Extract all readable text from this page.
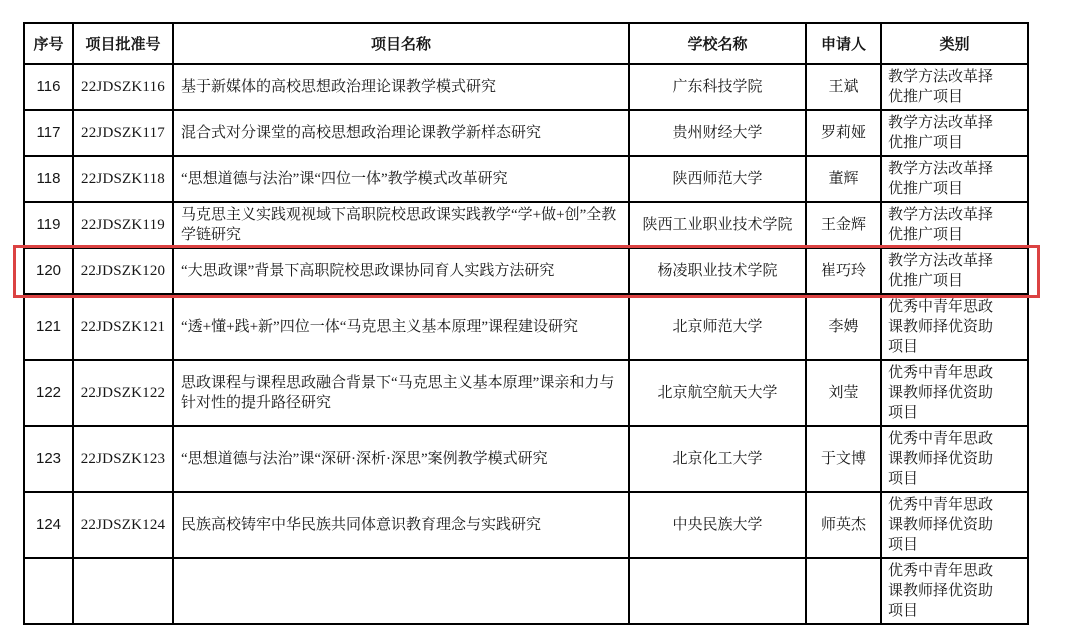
序号	项目批准号	项目名称	学校名称	申请人	类别
116	22JDSZK116	基于新媒体的高校思想政治理论课教学模式研究	广东科技学院	王斌	教学方法改革择优推广项目
117	22JDSZK117	混合式对分课堂的高校思想政治理论课教学新样态研究	贵州财经大学	罗莉娅	教学方法改革择优推广项目
118	22JDSZK118	“思想道德与法治”课“四位一体”教学模式改革研究	陕西师范大学	董辉	教学方法改革择优推广项目
119	22JDSZK119	马克思主义实践观视域下高职院校思政课实践教学“学+做+创”全教学链研究	陕西工业职业技术学院	王金辉	教学方法改革择优推广项目
120	22JDSZK120	“大思政课”背景下高职院校思政课协同育人实践方法研究	杨凌职业技术学院	崔巧玲	教学方法改革择优推广项目
121	22JDSZK121	“透+懂+践+新”四位一体“马克思主义基本原理”课程建设研究	北京师范大学	李娉	优秀中青年思政课教师择优资助项目
122	22JDSZK122	思政课程与课程思政融合背景下“马克思主义基本原理”课亲和力与针对性的提升路径研究	北京航空航天大学	刘莹	优秀中青年思政课教师择优资助项目
123	22JDSZK123	“思想道德与法治”课“深研·深析·深思”案例教学模式研究	北京化工大学	于文博	优秀中青年思政课教师择优资助项目
124	22JDSZK124	民族高校铸牢中华民族共同体意识教育理念与实践研究	中央民族大学	师英杰	优秀中青年思政课教师择优资助项目
					优秀中青年思政课教师择优资助项目
